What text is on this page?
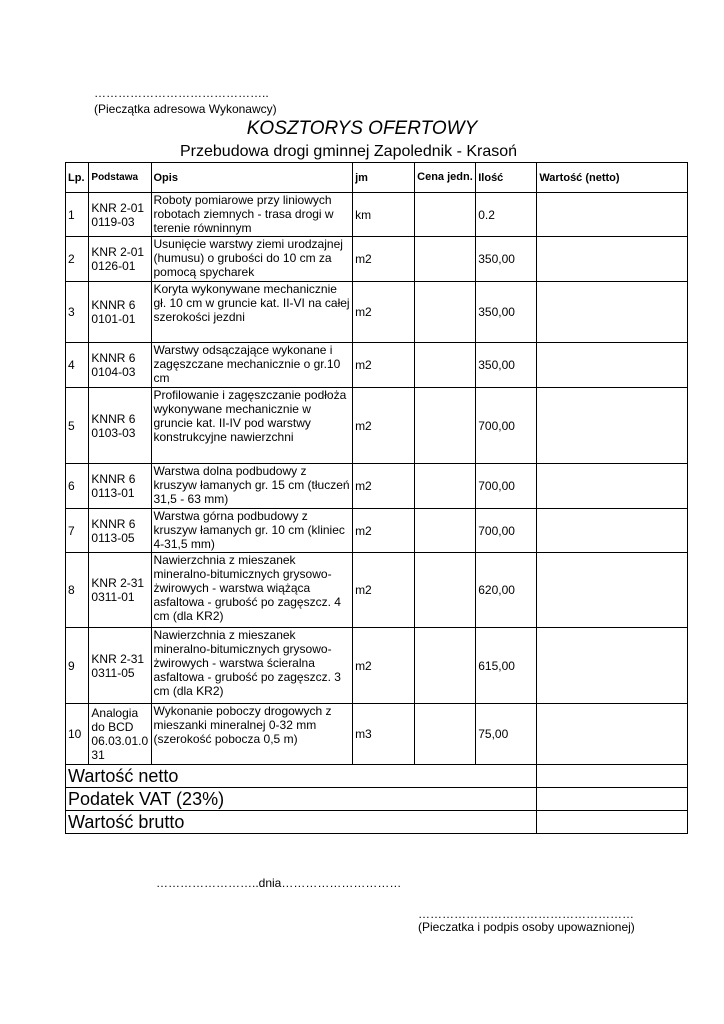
……………………………………..
(Pieczątka adresowa Wykonawcy)
KOSZTORYS OFERTOWY
Przebudowa drogi gminnej Zapolednik - Krasoń
Lp.	Podstawa	Opis	jm	Cena jedn.	Ilość	Wartość (netto)
1	KNR 2-01 0119-03	Roboty pomiarowe przy liniowych robotach ziemnych - trasa drogi w terenie równinnym	km		0.2	
2	KNR 2-01 0126-01	Usunięcie warstwy ziemi urodzajnej (humusu) o grubości do 10 cm za pomocą spycharek	m2		350,00	
3	KNNR 6 0101-01	Koryta wykonywane mechanicznie gł. 10 cm w gruncie kat. II-VI na całej szerokości jezdni	m2		350,00	
4	KNNR 6 0104-03	Warstwy odsączające wykonane i zagęszczane mechanicznie o gr.10 cm	m2		350,00	
5	KNNR 6 0103-03	Profilowanie i zagęszczanie podłoża wykonywane mechanicznie w gruncie kat. II-IV pod warstwy konstrukcyjne nawierzchni	m2		700,00	
6	KNNR 6 0113-01	Warstwa dolna podbudowy z kruszyw łamanych gr. 15 cm (tłuczeń 31,5 - 63 mm)	m2		700,00	
7	KNNR 6 0113-05	Warstwa górna podbudowy z kruszyw łamanych gr. 10 cm (kliniec 4-31,5 mm)	m2		700,00	
8	KNR 2-31 0311-01	Nawierzchnia z mieszanek mineralno-bitumicznych grysowo-żwirowych - warstwa wiążąca asfaltowa - grubość po zagęszcz. 4 cm (dla KR2)	m2		620,00	
9	KNR 2-31 0311-05	Nawierzchnia z mieszanek mineralno-bitumicznych grysowo-żwirowych - warstwa ścieralna asfaltowa - grubość po zagęszcz. 3 cm (dla KR2)	m2		615,00	
10	Analogia do BCD 06.03.01.0 31	Wykonanie poboczy drogowych z mieszanki mineralnej 0-32 mm (szerokość pobocza 0,5 m)	m3		75,00	
Wartość netto						
Podatek VAT (23%)						
Wartość brutto						
……………………..dnia…………………………
………………………………………………
(Pieczatka i podpis osoby upowaznionej)
